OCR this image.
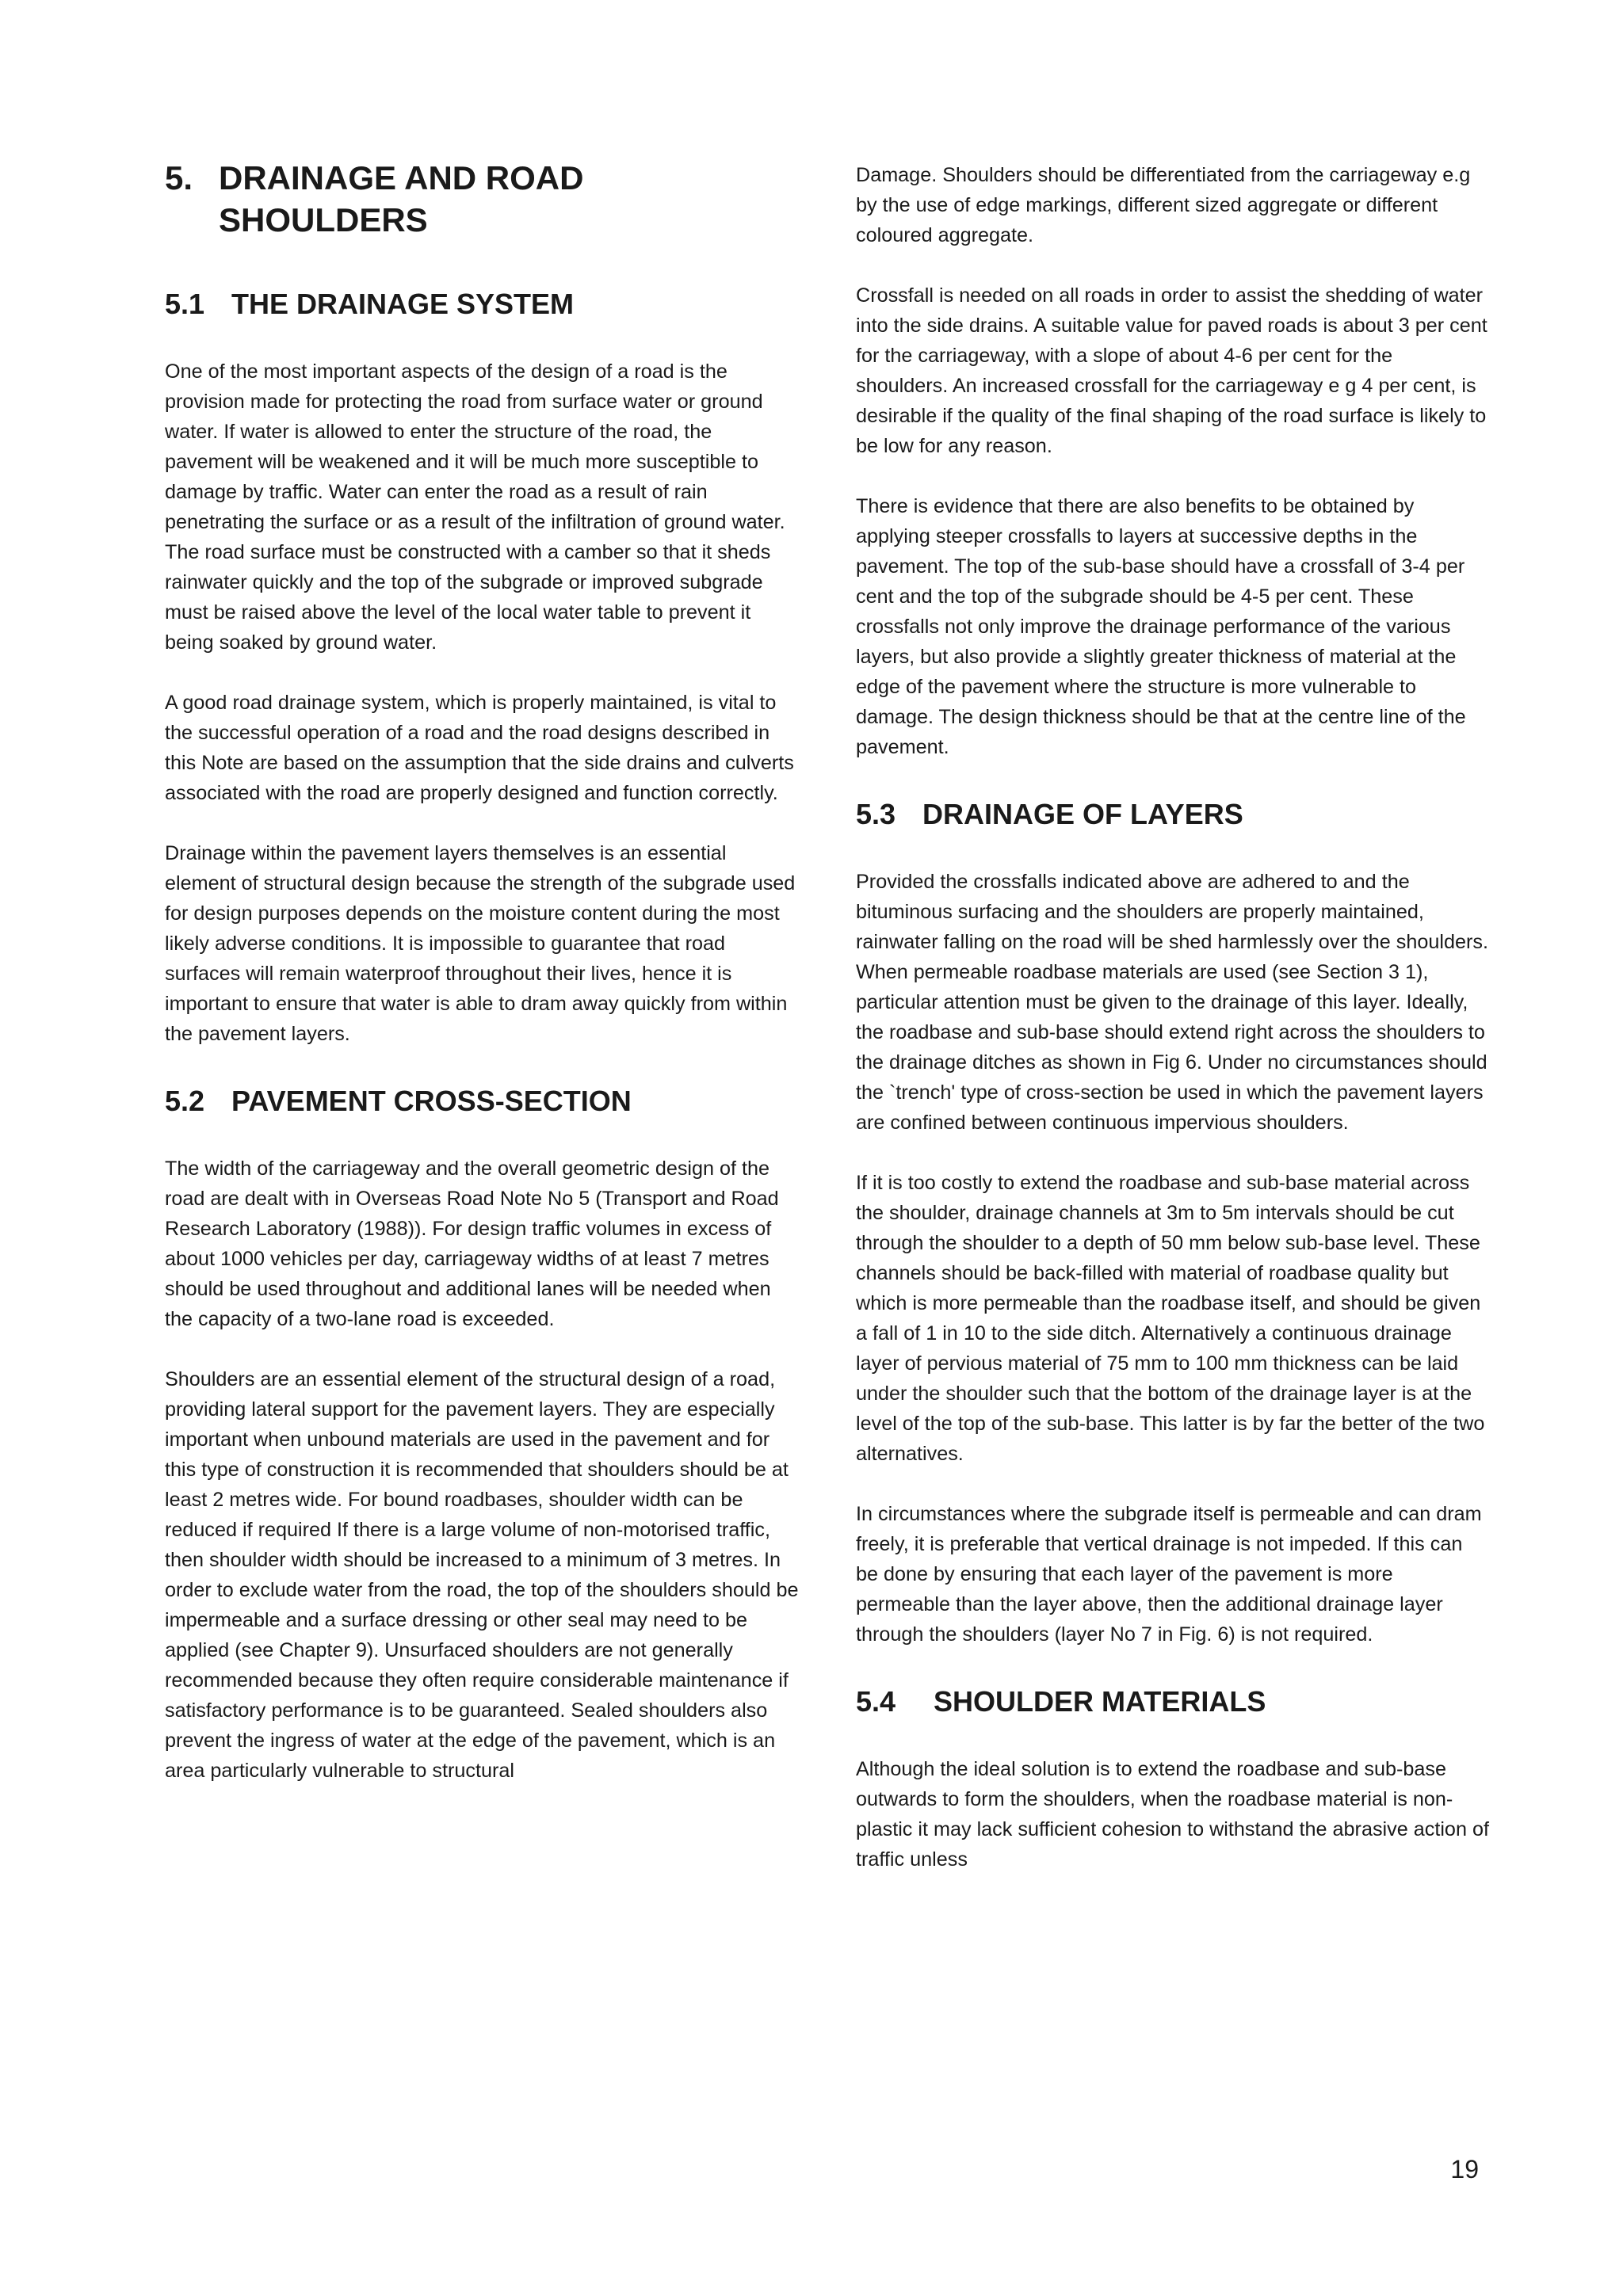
5. DRAINAGE AND ROAD SHOULDERS
5.1 THE DRAINAGE SYSTEM

One of the most important aspects of the design of a road is the provision made for protecting the road from surface water or ground water. If water is allowed to enter the structure of the road, the pavement will be weakened and it will be much more susceptible to damage by traffic. Water can enter the road as a result of rain penetrating the surface or as a result of the infiltration of ground water. The road surface must be constructed with a camber so that it sheds rainwater quickly and the top of the subgrade or improved subgrade must be raised above the level of the local water table to prevent it being soaked by ground water.

A good road drainage system, which is properly maintained, is vital to the successful operation of a road and the road designs described in this Note are based on the assumption that the side drains and culverts associated with the road are properly designed and function correctly.

Drainage within the pavement layers themselves is an essential element of structural design because the strength of the subgrade used for design purposes depends on the moisture content during the most likely adverse conditions. It is impossible to guarantee that road surfaces will remain waterproof throughout their lives, hence it is important to ensure that water is able to dram away quickly from within the pavement layers.

5.2 PAVEMENT CROSS-SECTION

The width of the carriageway and the overall geometric design of the road are dealt with in Overseas Road Note No 5 (Transport and Road Research Laboratory (1988)). For design traffic volumes in excess of about 1000 vehicles per day, carriageway widths of at least 7 metres should be used throughout and additional lanes will be needed when the capacity of a two-lane road is exceeded.

Shoulders are an essential element of the structural design of a road, providing lateral support for the pavement layers. They are especially important when unbound materials are used in the pavement and for this type of construction it is recommended that shoulders should be at least 2 metres wide. For bound roadbases, shoulder width can be reduced if required If there is a large volume of non-motorised traffic, then shoulder width should be increased to a minimum of 3 metres. In order to exclude water from the road, the top of the shoulders should be impermeable and a surface dressing or other seal may need to be applied (see Chapter 9). Unsurfaced shoulders are not generally recommended because they often require considerable maintenance if satisfactory performance is to be guaranteed. Sealed shoulders also prevent the ingress of water at the edge of the pavement, which is an area particularly vulnerable to structural

Damage. Shoulders should be differentiated from the carriageway e.g by the use of edge markings, different sized aggregate or different coloured aggregate.

Crossfall is needed on all roads in order to assist the shedding of water into the side drains. A suitable value for paved roads is about 3 per cent for the carriageway, with a slope of about 4-6 per cent for the shoulders. An increased crossfall for the carriageway e g 4 per cent, is desirable if the quality of the final shaping of the road surface is likely to be low for any reason.

There is evidence that there are also benefits to be obtained by applying steeper crossfalls to layers at successive depths in the pavement. The top of the sub-base should have a crossfall of 3-4 per cent and the top of the subgrade should be 4-5 per cent. These crossfalls not only improve the drainage performance of the various layers, but also provide a slightly greater thickness of material at the edge of the pavement where the structure is more vulnerable to damage. The design thickness should be that at the centre line of the pavement.

5.3 DRAINAGE OF LAYERS

Provided the crossfalls indicated above are adhered to and the bituminous surfacing and the shoulders are properly maintained, rainwater falling on the road will be shed harmlessly over the shoulders. When permeable roadbase materials are used (see Section 3 1), particular attention must be given to the drainage of this layer. Ideally, the roadbase and sub-base should extend right across the shoulders to the drainage ditches as shown in Fig 6. Under no circumstances should the `trench' type of cross-section be used in which the pavement layers are confined between continuous impervious shoulders.

If it is too costly to extend the roadbase and sub-base material across the shoulder, drainage channels at 3m to 5m intervals should be cut through the shoulder to a depth of 50 mm below sub-base level. These channels should be back-filled with material of roadbase quality but which is more permeable than the roadbase itself, and should be given a fall of 1 in 10 to the side ditch. Alternatively a continuous drainage layer of pervious material of 75 mm to 100 mm thickness can be laid under the shoulder such that the bottom of the drainage layer is at the level of the top of the sub-base. This latter is by far the better of the two alternatives.

In circumstances where the subgrade itself is permeable and can dram freely, it is preferable that vertical drainage is not impeded. If this can be done by ensuring that each layer of the pavement is more permeable than the layer above, then the additional drainage layer through the shoulders (layer No 7 in Fig. 6) is not required.

5.4	SHOULDER MATERIALS

Although the ideal solution is to extend the roadbase and sub-base outwards to form the shoulders, when the roadbase material is non-plastic it may lack sufficient cohesion to withstand the abrasive action of traffic unless

19
